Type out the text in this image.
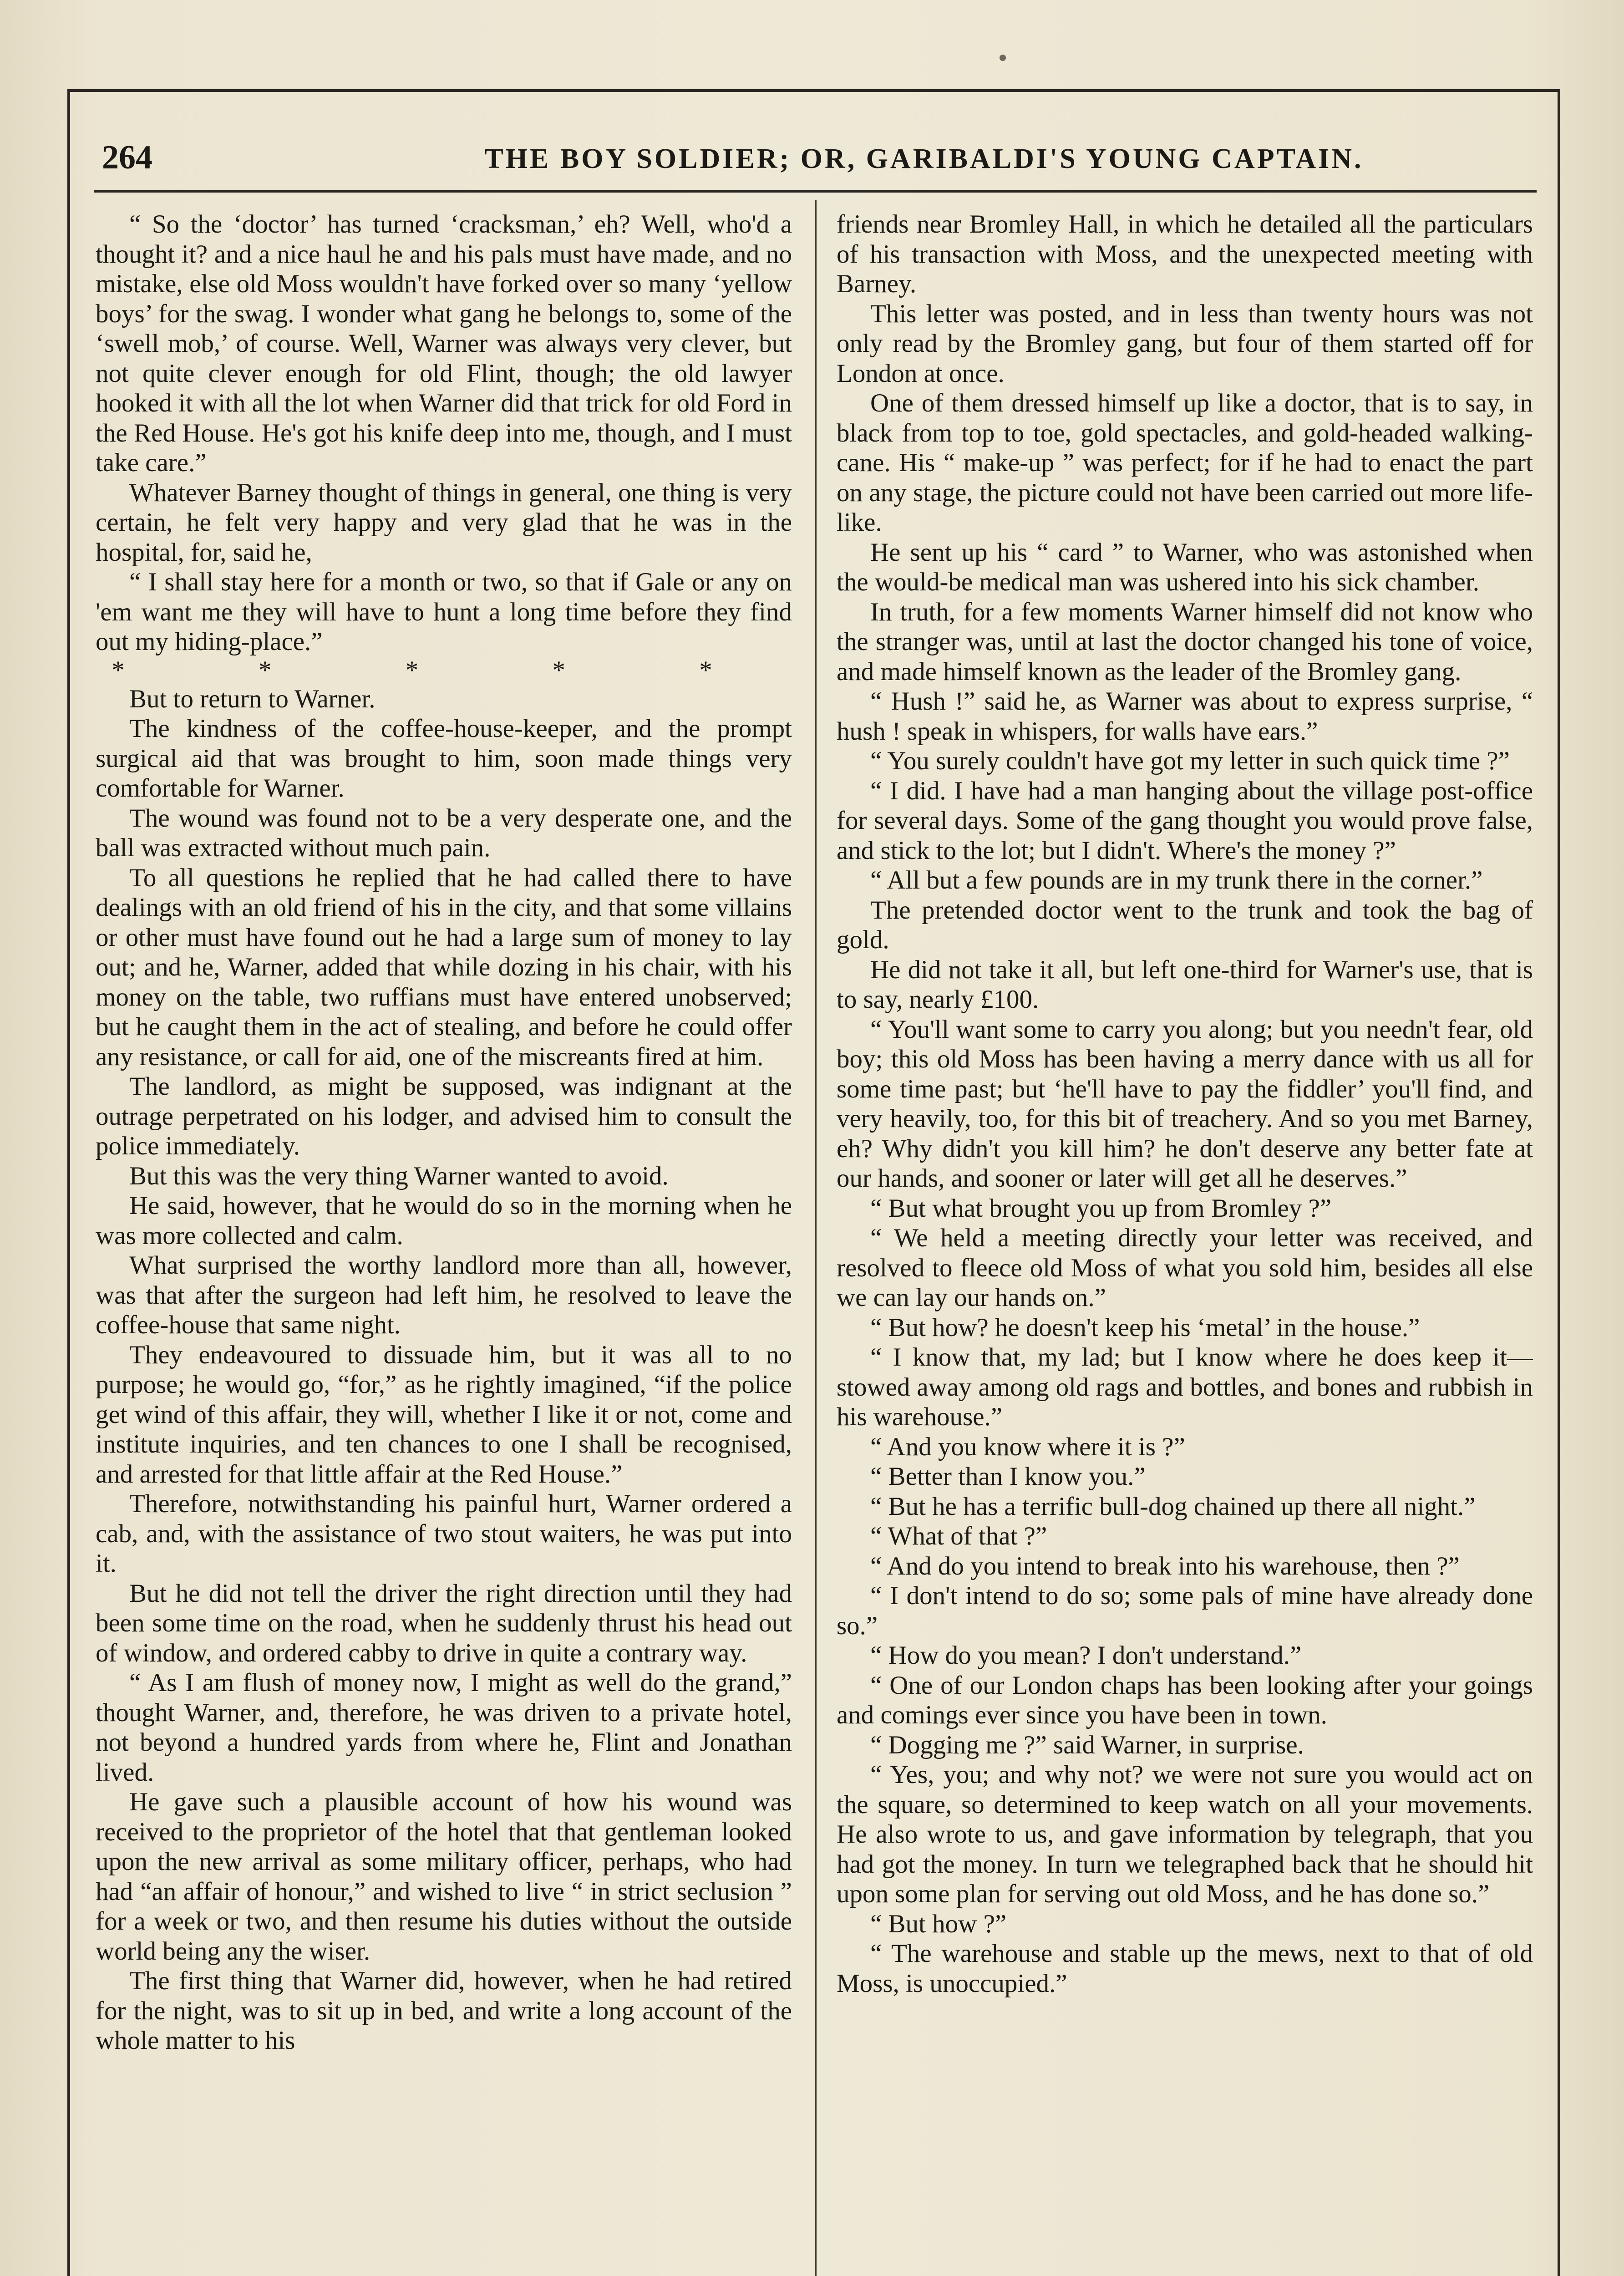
264	THE BOY SOLDIER; OR, GARIBALDI'S YOUNG CAPTAIN.

“ So the ‘doctor’ has turned ‘cracksman,’ eh? Well, who'd a thought it? and a nice haul he and his pals must have made, and no mistake, else old Moss wouldn't have forked over so many ‘yellow boys’ for the swag. I wonder what gang he belongs to, some of the ‘swell mob,’ of course. Well, Warner was always very clever, but not quite clever enough for old Flint, though; the old lawyer hooked it with all the lot when Warner did that trick for old Ford in the Red House. He's got his knife deep into me, though, and I must take care.”

Whatever Barney thought of things in general, one thing is very certain, he felt very happy and very glad that he was in the hospital, for, said he,

“ I shall stay here for a month or two, so that if Gale or any on 'em want me they will have to hunt a long time before they find out my hiding-place.”

* * * * *

But to return to Warner.

The kindness of the coffee-house-keeper, and the prompt surgical aid that was brought to him, soon made things very comfortable for Warner.

The wound was found not to be a very desperate one, and the ball was extracted without much pain.

To all questions he replied that he had called there to have dealings with an old friend of his in the city, and that some villains or other must have found out he had a large sum of money to lay out; and he, Warner, added that while dozing in his chair, with his money on the table, two ruffians must have entered unobserved; but he caught them in the act of stealing, and before he could offer any resistance, or call for aid, one of the miscreants fired at him.

The landlord, as might be supposed, was indignant at the outrage perpetrated on his lodger, and advised him to consult the police immediately.

But this was the very thing Warner wanted to avoid.

He said, however, that he would do so in the morning when he was more collected and calm.

What surprised the worthy landlord more than all, however, was that after the surgeon had left him, he resolved to leave the coffee-house that same night.

They endeavoured to dissuade him, but it was all to no purpose; he would go, “for,” as he rightly imagined, “if the police get wind of this affair, they will, whether I like it or not, come and institute inquiries, and ten chances to one I shall be recognised, and arrested for that little affair at the Red House.”

Therefore, notwithstanding his painful hurt, Warner ordered a cab, and, with the assistance of two stout waiters, he was put into it.

But he did not tell the driver the right direction until they had been some time on the road, when he suddenly thrust his head out of window, and ordered cabby to drive in quite a contrary way.

“ As I am flush of money now, I might as well do the grand,” thought Warner, and, therefore, he was driven to a private hotel, not beyond a hundred yards from where he, Flint and Jonathan lived.

He gave such a plausible account of how his wound was received to the proprietor of the hotel that that gentleman looked upon the new arrival as some military officer, perhaps, who had had “an affair of honour,” and wished to live “ in strict seclusion ” for a week or two, and then resume his duties without the outside world being any the wiser.

The first thing that Warner did, however, when he had retired for the night, was to sit up in bed, and write a long account of the whole matter to his

friends near Bromley Hall, in which he detailed all the particulars of his transaction with Moss, and the unexpected meeting with Barney.

This letter was posted, and in less than twenty hours was not only read by the Bromley gang, but four of them started off for London at once.

One of them dressed himself up like a doctor, that is to say, in black from top to toe, gold spectacles, and gold-headed walking-cane. His “ make-up ” was perfect; for if he had to enact the part on any stage, the picture could not have been carried out more life-like.

He sent up his “ card ” to Warner, who was astonished when the would-be medical man was ushered into his sick chamber.

In truth, for a few moments Warner himself did not know who the stranger was, until at last the doctor changed his tone of voice, and made himself known as the leader of the Bromley gang.

“ Hush !” said he, as Warner was about to express surprise, “ hush ! speak in whispers, for walls have ears.”

“ You surely couldn't have got my letter in such quick time ?”

“ I did. I have had a man hanging about the village post-office for several days. Some of the gang thought you would prove false, and stick to the lot; but I didn't. Where's the money ?”

“ All but a few pounds are in my trunk there in the corner.”

The pretended doctor went to the trunk and took the bag of gold.

He did not take it all, but left one-third for Warner's use, that is to say, nearly £100.

“ You'll want some to carry you along; but you needn't fear, old boy; this old Moss has been having a merry dance with us all for some time past; but ‘he'll have to pay the fiddler’ you'll find, and very heavily, too, for this bit of treachery. And so you met Barney, eh? Why didn't you kill him? he don't deserve any better fate at our hands, and sooner or later will get all he deserves.”

“ But what brought you up from Bromley ?”

“ We held a meeting directly your letter was received, and resolved to fleece old Moss of what you sold him, besides all else we can lay our hands on.”

“ But how? he doesn't keep his ‘metal’ in the house.”

“ I know that, my lad; but I know where he does keep it—stowed away among old rags and bottles, and bones and rubbish in his warehouse.”

“ And you know where it is ?”

“ Better than I know you.”

“ But he has a terrific bull-dog chained up there all night.”

“ What of that ?”

“ And do you intend to break into his warehouse, then ?”

“ I don't intend to do so; some pals of mine have already done so.”

“ How do you mean? I don't understand.”

“ One of our London chaps has been looking after your goings and comings ever since you have been in town.

“ Dogging me ?” said Warner, in surprise.

“ Yes, you; and why not? we were not sure you would act on the square, so determined to keep watch on all your movements. He also wrote to us, and gave information by telegraph, that you had got the money. In turn we telegraphed back that he should hit upon some plan for serving out old Moss, and he has done so.”

“ But how ?”

“ The warehouse and stable up the mews, next to that of old Moss, is unoccupied.”
